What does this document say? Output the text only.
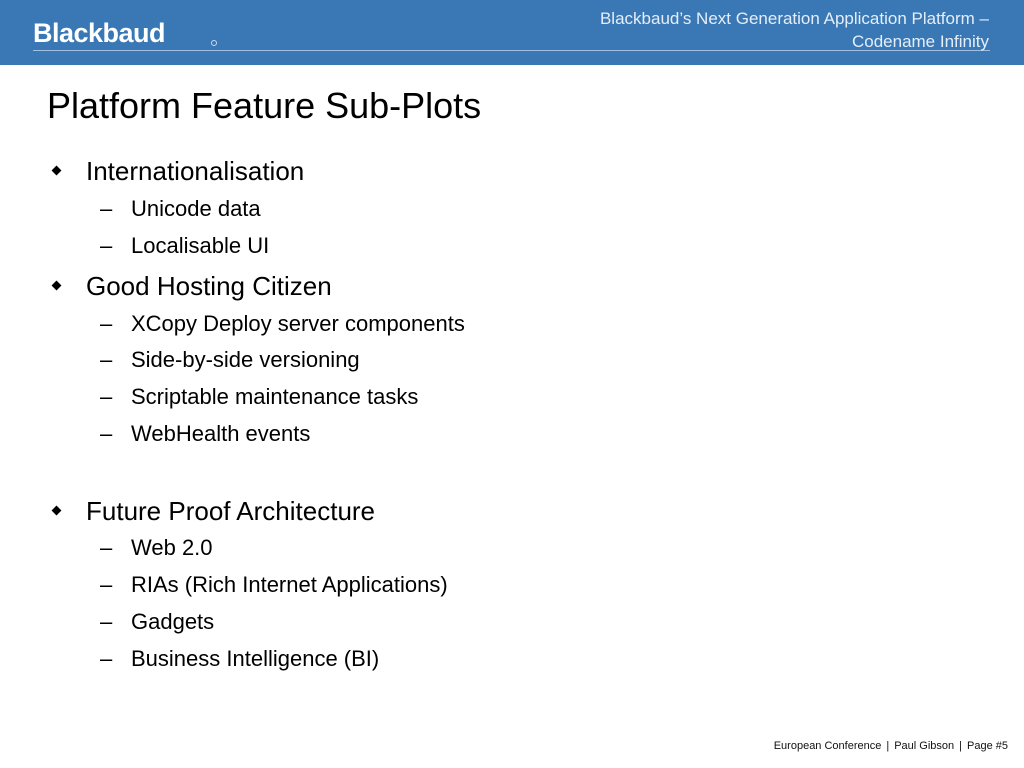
Blackbaud	Blackbaud’s Next Generation Application Platform –
Codename Infinity
Platform Feature Sub-Plots
Internationalisation
– Unicode data
– Localisable UI
Good Hosting Citizen
– XCopy Deploy server components
– Side-by-side versioning
– Scriptable maintenance tasks
– WebHealth events
Future Proof Architecture
– Web 2.0
– RIAs (Rich Internet Applications)
– Gadgets
– Business Intelligence (BI)
European Conference | Paul Gibson | Page #5
